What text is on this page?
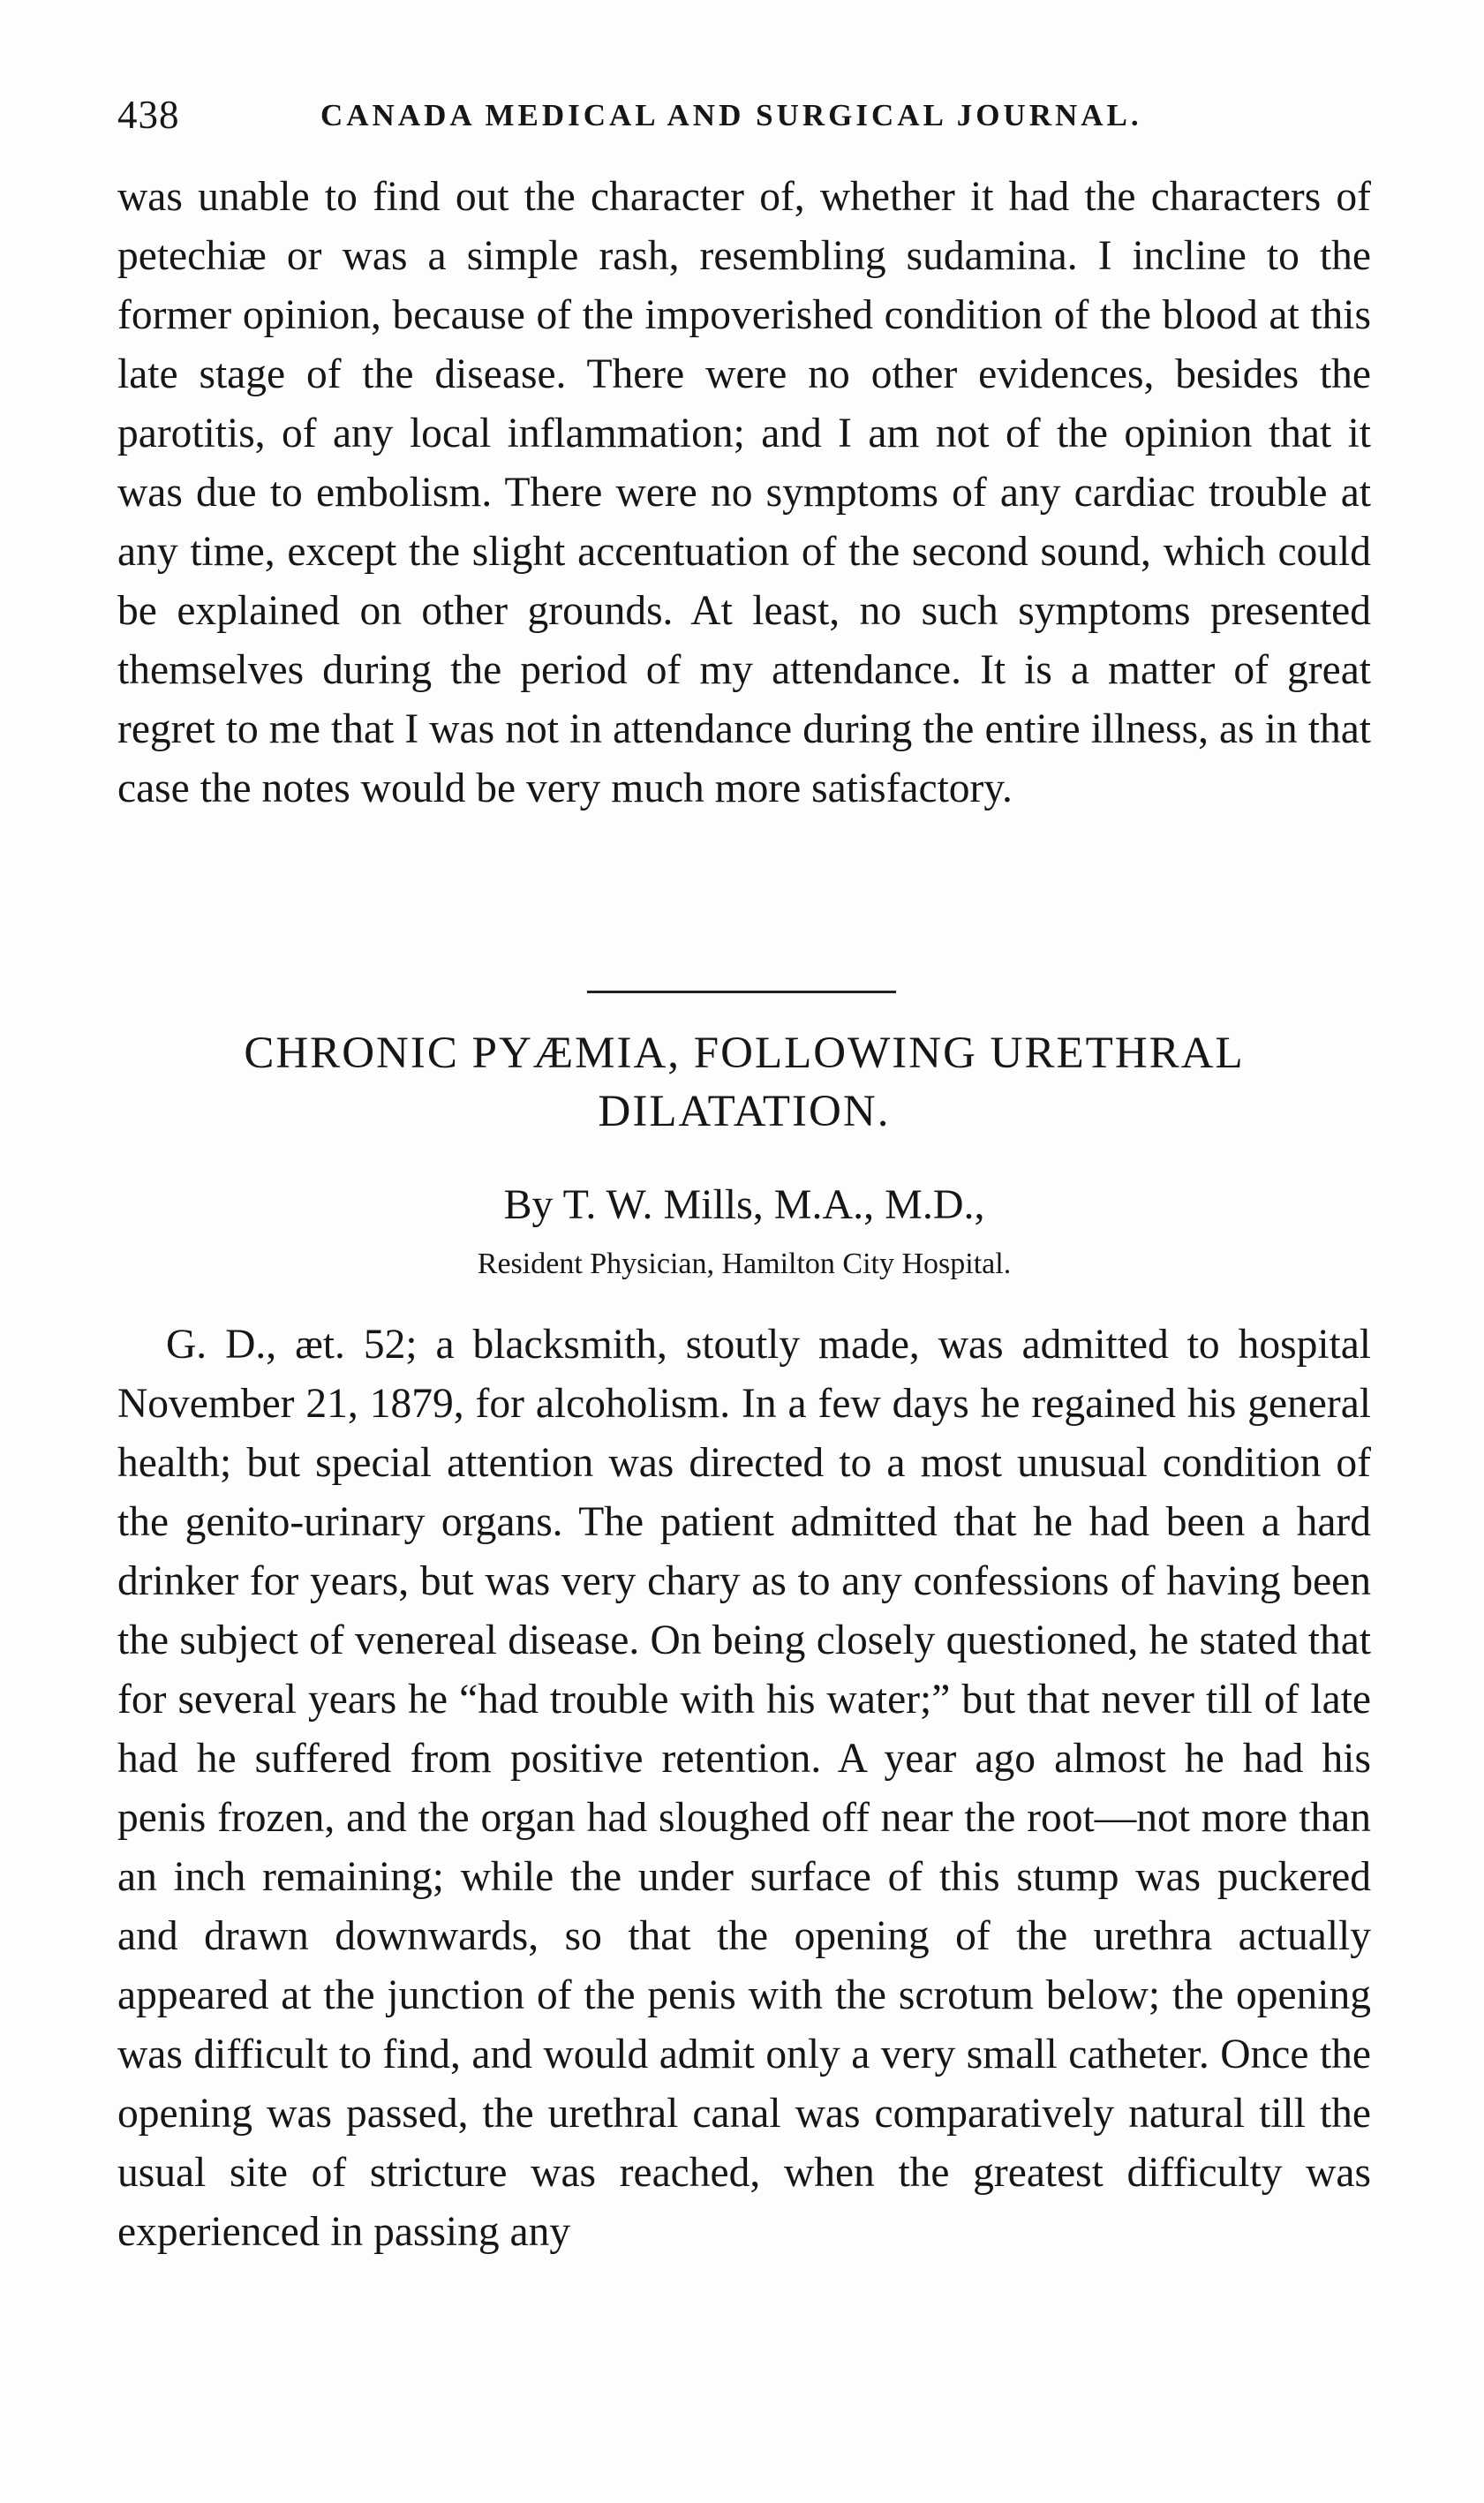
438	CANADA MEDICAL AND SURGICAL JOURNAL.

was unable to find out the character of, whether it had the characters of petechiæ or was a simple rash, resembling sudamina. I incline to the former opinion, because of the impoverished condition of the blood at this late stage of the disease. There were no other evidences, besides the parotitis, of any local inflammation; and I am not of the opinion that it was due to embolism. There were no symptoms of any cardiac trouble at any time, except the slight accentuation of the second sound, which could be explained on other grounds. At least, no such symptoms presented themselves during the period of my attendance. It is a matter of great regret to me that I was not in attendance during the entire illness, as in that case the notes would be very much more satisfactory.

CHRONIC PYÆMIA, FOLLOWING URETHRAL
DILATATION.

By T. W. Mills, M.A., M.D.,

Resident Physician, Hamilton City Hospital.

G. D., æt. 52; a blacksmith, stoutly made, was admitted to hospital November 21, 1879, for alcoholism. In a few days he regained his general health; but special attention was directed to a most unusual condition of the genito-urinary organs. The patient admitted that he had been a hard drinker for years, but was very chary as to any confessions of having been the subject of venereal disease. On being closely questioned, he stated that for several years he “had trouble with his water;” but that never till of late had he suffered from positive retention. A year ago almost he had his penis frozen, and the organ had sloughed off near the root—not more than an inch remaining; while the under surface of this stump was puckered and drawn downwards, so that the opening of the urethra actually appeared at the junction of the penis with the scrotum below; the opening was difficult to find, and would admit only a very small catheter. Once the opening was passed, the urethral canal was comparatively natural till the usual site of stricture was reached, when the greatest difficulty was experienced in passing any
